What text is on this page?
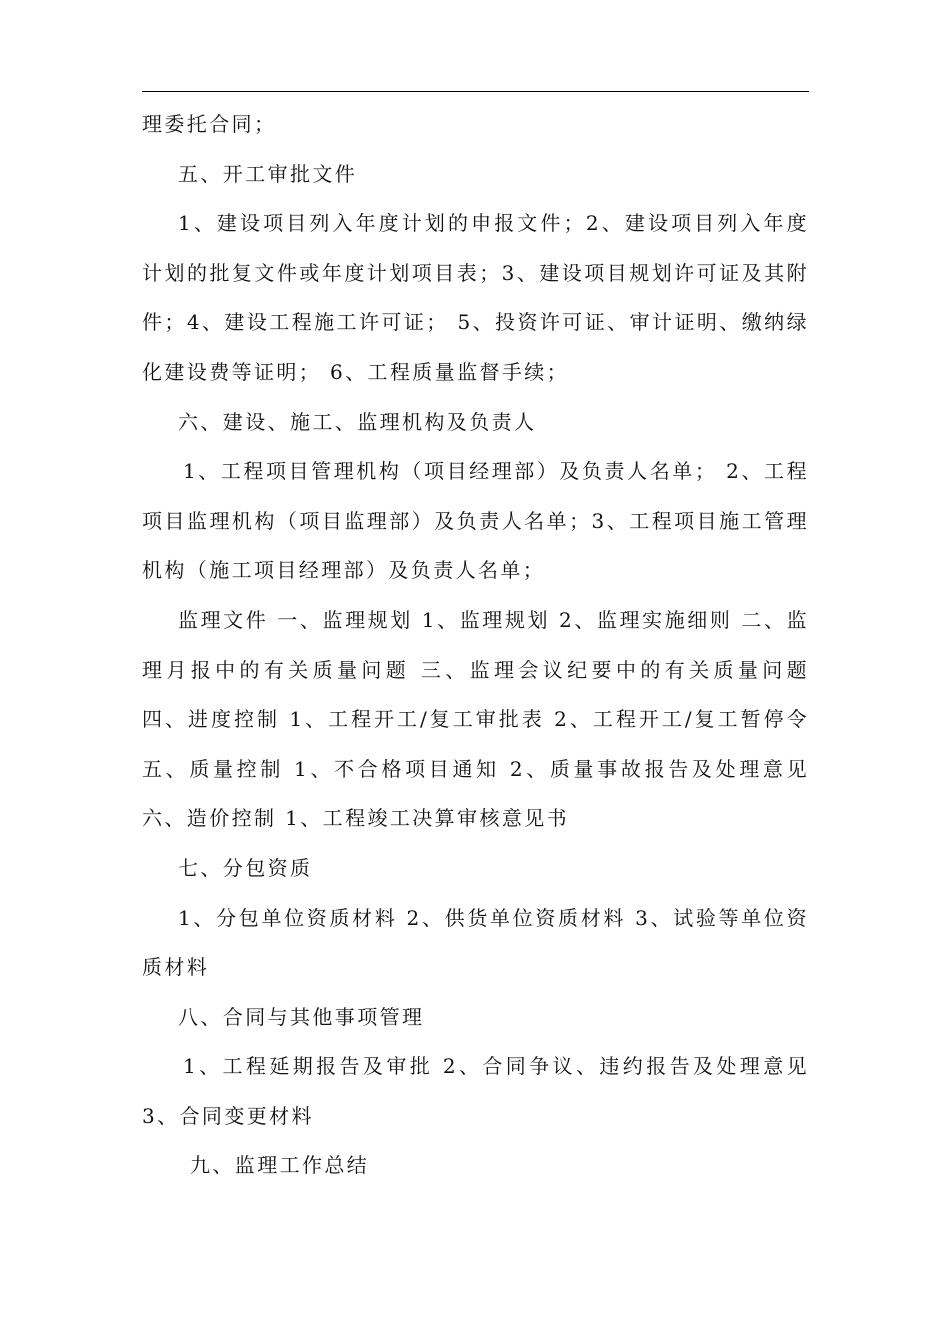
理委托合同；

五、开工审批文件

1、建设项目列入年度计划的申报文件；2、建设项目列入年度计划的批复文件或年度计划项目表；3、建设项目规划许可证及其附件；4、建设工程施工许可证； 5、投资许可证、审计证明、缴纳绿化建设费等证明； 6、工程质量监督手续；

六、建设、施工、监理机构及负责人

1、工程项目管理机构（项目经理部）及负责人名单； 2、工程项目监理机构（项目监理部）及负责人名单；3、工程项目施工管理机构（施工项目经理部）及负责人名单；

监理文件 一、监理规划 1、监理规划 2、监理实施细则 二、监理月报中的有关质量问题 三、监理会议纪要中的有关质量问题 四、进度控制 1、工程开工/复工审批表 2、工程开工/复工暂停令 五、质量控制 1、不合格项目通知 2、质量事故报告及处理意见 六、造价控制 1、工程竣工决算审核意见书

七、分包资质

1、分包单位资质材料 2、供货单位资质材料 3、试验等单位资质材料

八、合同与其他事项管理

1、工程延期报告及审批 2、合同争议、违约报告及处理意见 3、合同变更材料

九、监理工作总结
